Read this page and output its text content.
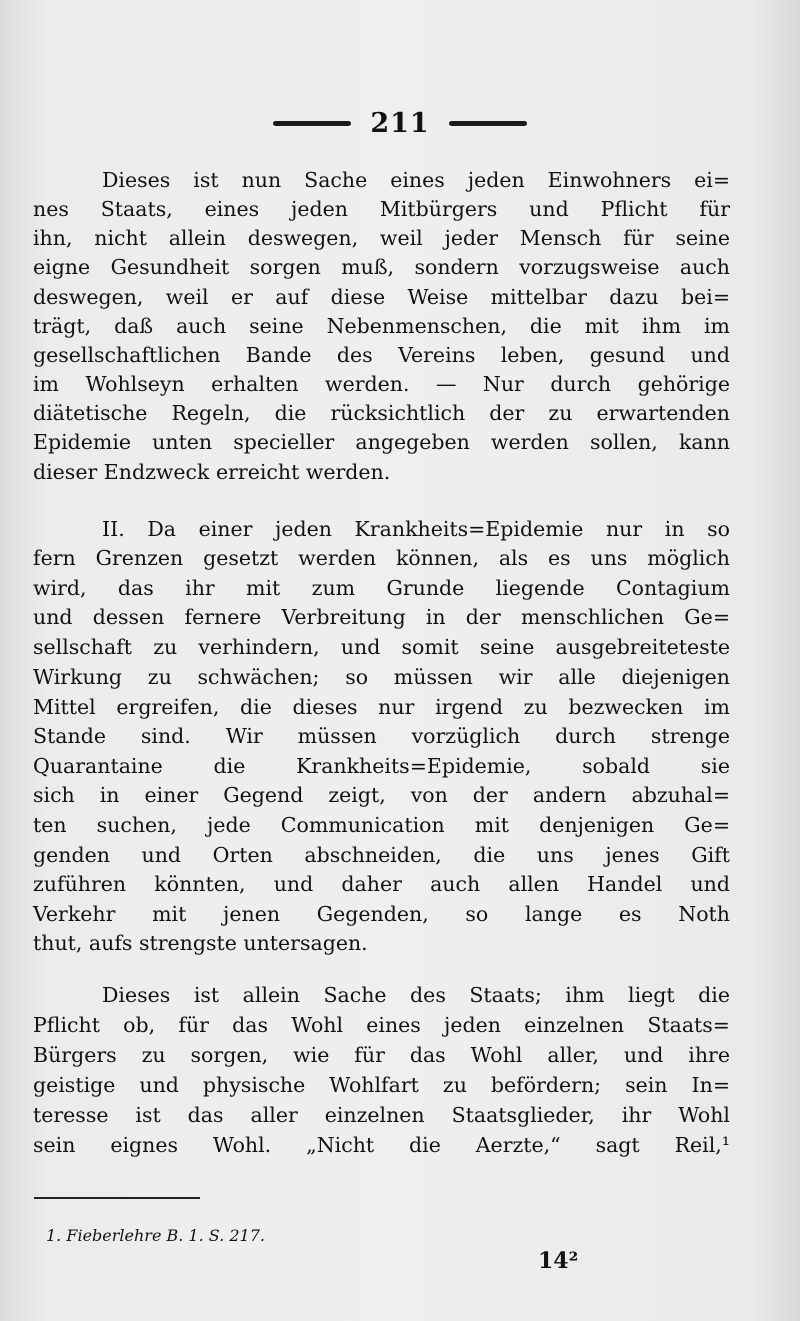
211
Dieses ist nun Sache eines jeden Einwohners ei=
nes Staats, eines jeden Mitbürgers und Pflicht für
ihn, nicht allein deswegen, weil jeder Mensch für seine
eigne Gesundheit sorgen muß, sondern vorzugsweise auch
deswegen, weil er auf diese Weise mittelbar dazu bei=
trägt, daß auch seine Nebenmenschen, die mit ihm im
gesellschaftlichen Bande des Vereins leben, gesund und
im Wohlseyn erhalten werden. — Nur durch gehörige
diätetische Regeln, die rücksichtlich der zu erwartenden
Epidemie unten specieller angegeben werden sollen, kann
dieser Endzweck erreicht werden.
II. Da einer jeden Krankheits=Epidemie nur in so
fern Grenzen gesetzt werden können, als es uns möglich
wird, das ihr mit zum Grunde liegende Contagium
und dessen fernere Verbreitung in der menschlichen Ge=
sellschaft zu verhindern, und somit seine ausgebreiteteste
Wirkung zu schwächen; so müssen wir alle diejenigen
Mittel ergreifen, die dieses nur irgend zu bezwecken im
Stande sind. Wir müssen vorzüglich durch strenge
Quarantaine die Krankheits=Epidemie, sobald sie
sich in einer Gegend zeigt, von der andern abzuhal=
ten suchen, jede Communication mit denjenigen Ge=
genden und Orten abschneiden, die uns jenes Gift
zuführen könnten, und daher auch allen Handel und
Verkehr mit jenen Gegenden, so lange es Noth
thut, aufs strengste untersagen.
Dieses ist allein Sache des Staats; ihm liegt die
Pflicht ob, für das Wohl eines jeden einzelnen Staats=
Bürgers zu sorgen, wie für das Wohl aller, und ihre
geistige und physische Wohlfart zu befördern; sein In=
teresse ist das aller einzelnen Staatsglieder, ihr Wohl
sein eignes Wohl. „Nicht die Aerzte,“ sagt Reil,¹
1. Fieberlehre B. 1. S. 217.
14²
